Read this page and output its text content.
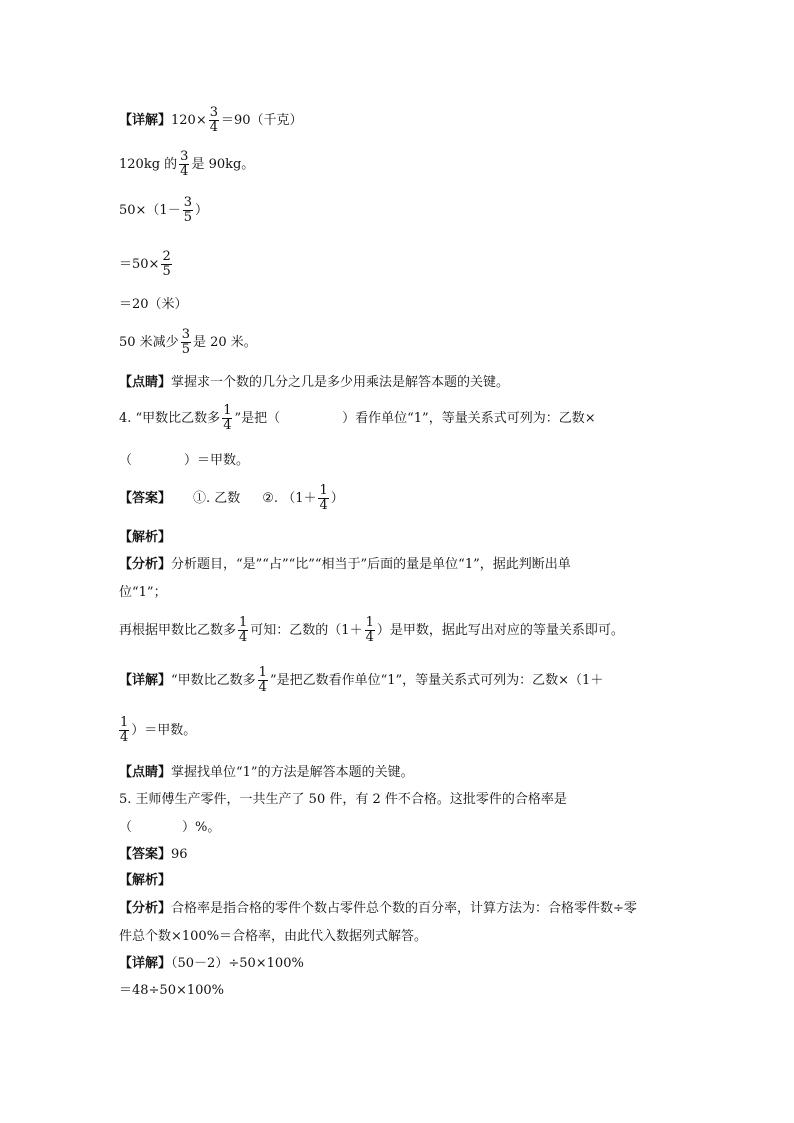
【详解】$120\times \frac{3}{4} =90$（千克）
120kg 的 $\frac{3}{4}$ 是 90kg。
$50\times(1- \frac{3}{5}$ ）
$=50\times \frac{2}{5}$
＝20（米）
50 米减少 $\frac{3}{5}$ 是 20 米。
【点睛】掌握求一个数的几分之几是多少用乘法是解答本题的关键。
4. “甲数比乙数多 $\frac{1}{4}$ ”是把（	）看作单位“1”，等量关系式可列为：乙数×
（	）＝甲数。
【答案】 ①. 乙数 ②. （$1+ \frac{1}{4}$ ）
【解析】
【分析】分析题目，“是”“占”“比”“相当于”后面的量是单位“1”，据此判断出单
位“1”；
再根据甲数比乙数多 $\frac{1}{4}$ 可知：乙数的（$1+ \frac{1}{4}$ ）是甲数，据此写出对应的等量关系即可。
【详解】“甲数比乙数多 $\frac{1}{4}$ ”是把乙数看作单位“1”，等量关系式可列为：乙数×（1＋
$\frac{1}{4}$ ）＝甲数。
【点睛】掌握找单位“1”的方法是解答本题的关键。
5. 王师傅生产零件，一共生产了 50 件，有 2 件不合格。这批零件的合格率是
（	）%。
【答案】96
【解析】
【分析】合格率是指合格的零件个数占零件总个数的百分率，计算方法为：合格零件数÷零
件总个数×100%＝合格率，由此代入数据列式解答。
【详解】（50－2）÷50×100%
＝48÷50×100%
